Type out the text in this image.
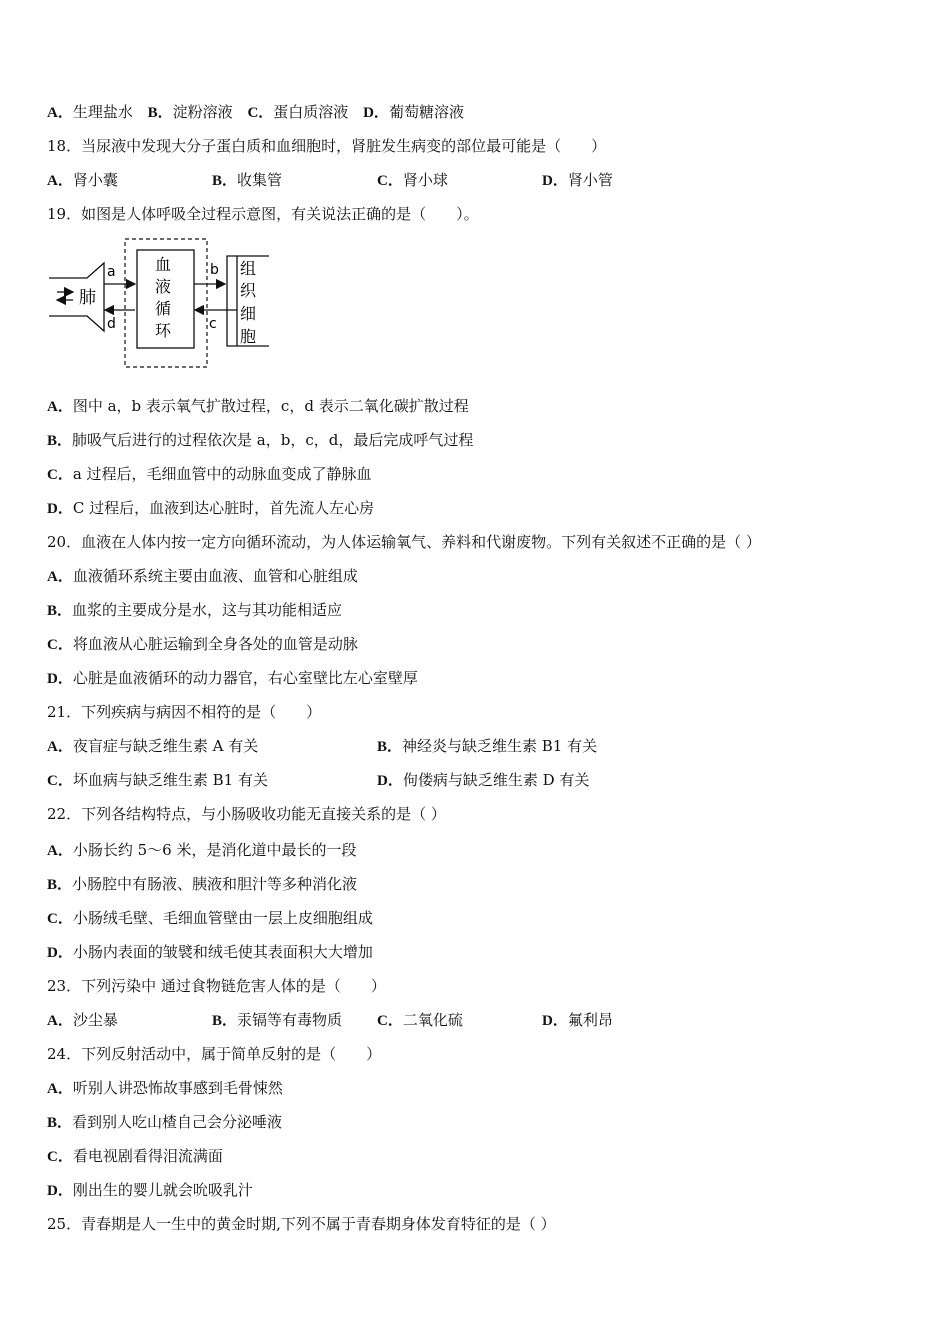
A．生理盐水 B．淀粉溶液 C．蛋白质溶液 D．葡萄糖溶液
18．当尿液中发现大分子蛋白质和血细胞时，肾脏发生病变的部位最可能是（　　）
A．肾小囊	B．收集管	C．肾小球	D．肾小管
19．如图是人体呼吸全过程示意图，有关说法正确的是（　　）。
肺
a
d
血
液
循
环
b
c
组
织
细
胞
A．图中 a，b 表示氧气扩散过程，c，d 表示二氧化碳扩散过程
B．肺吸气后进行的过程依次是 a，b，c，d，最后完成呼气过程
C．a 过程后，毛细血管中的动脉血变成了静脉血
D．C 过程后，血液到达心脏时，首先流人左心房
20．血液在人体内按一定方向循环流动，为人体运输氧气、养料和代谢废物。下列有关叙述不正确的是（ ）
A．血液循环系统主要由血液、血管和心脏组成
B．血浆的主要成分是水，这与其功能相适应
C．将血液从心脏运输到全身各处的血管是动脉
D．心脏是血液循环的动力器官，右心室壁比左心室壁厚
21．下列疾病与病因不相符的是（　　）
A．夜盲症与缺乏维生素 A 有关	B．神经炎与缺乏维生素 B1 有关
C．坏血病与缺乏维生素 B1 有关	D．佝偻病与缺乏维生素 D 有关
22．下列各结构特点，与小肠吸收功能无直接关系的是（ ）
A．小肠长约 5～6 米，是消化道中最长的一段
B．小肠腔中有肠液、胰液和胆汁等多种消化液
C．小肠绒毛壁、毛细血管壁由一层上皮细胞组成
D．小肠内表面的皱襞和绒毛使其表面积大大增加
23．下列污染中 通过食物链危害人体的是（　　）
A．沙尘暴	B．汞镉等有毒物质 C．二氧化硫	D．氟利昂
24．下列反射活动中，属于简单反射的是（　　）
A．听别人讲恐怖故事感到毛骨悚然
B．看到别人吃山楂自己会分泌唾液
C．看电视剧看得泪流满面
D．刚出生的婴儿就会吮吸乳汁
25．青春期是人一生中的黄金时期,下列不属于青春期身体发育特征的是（ ）
